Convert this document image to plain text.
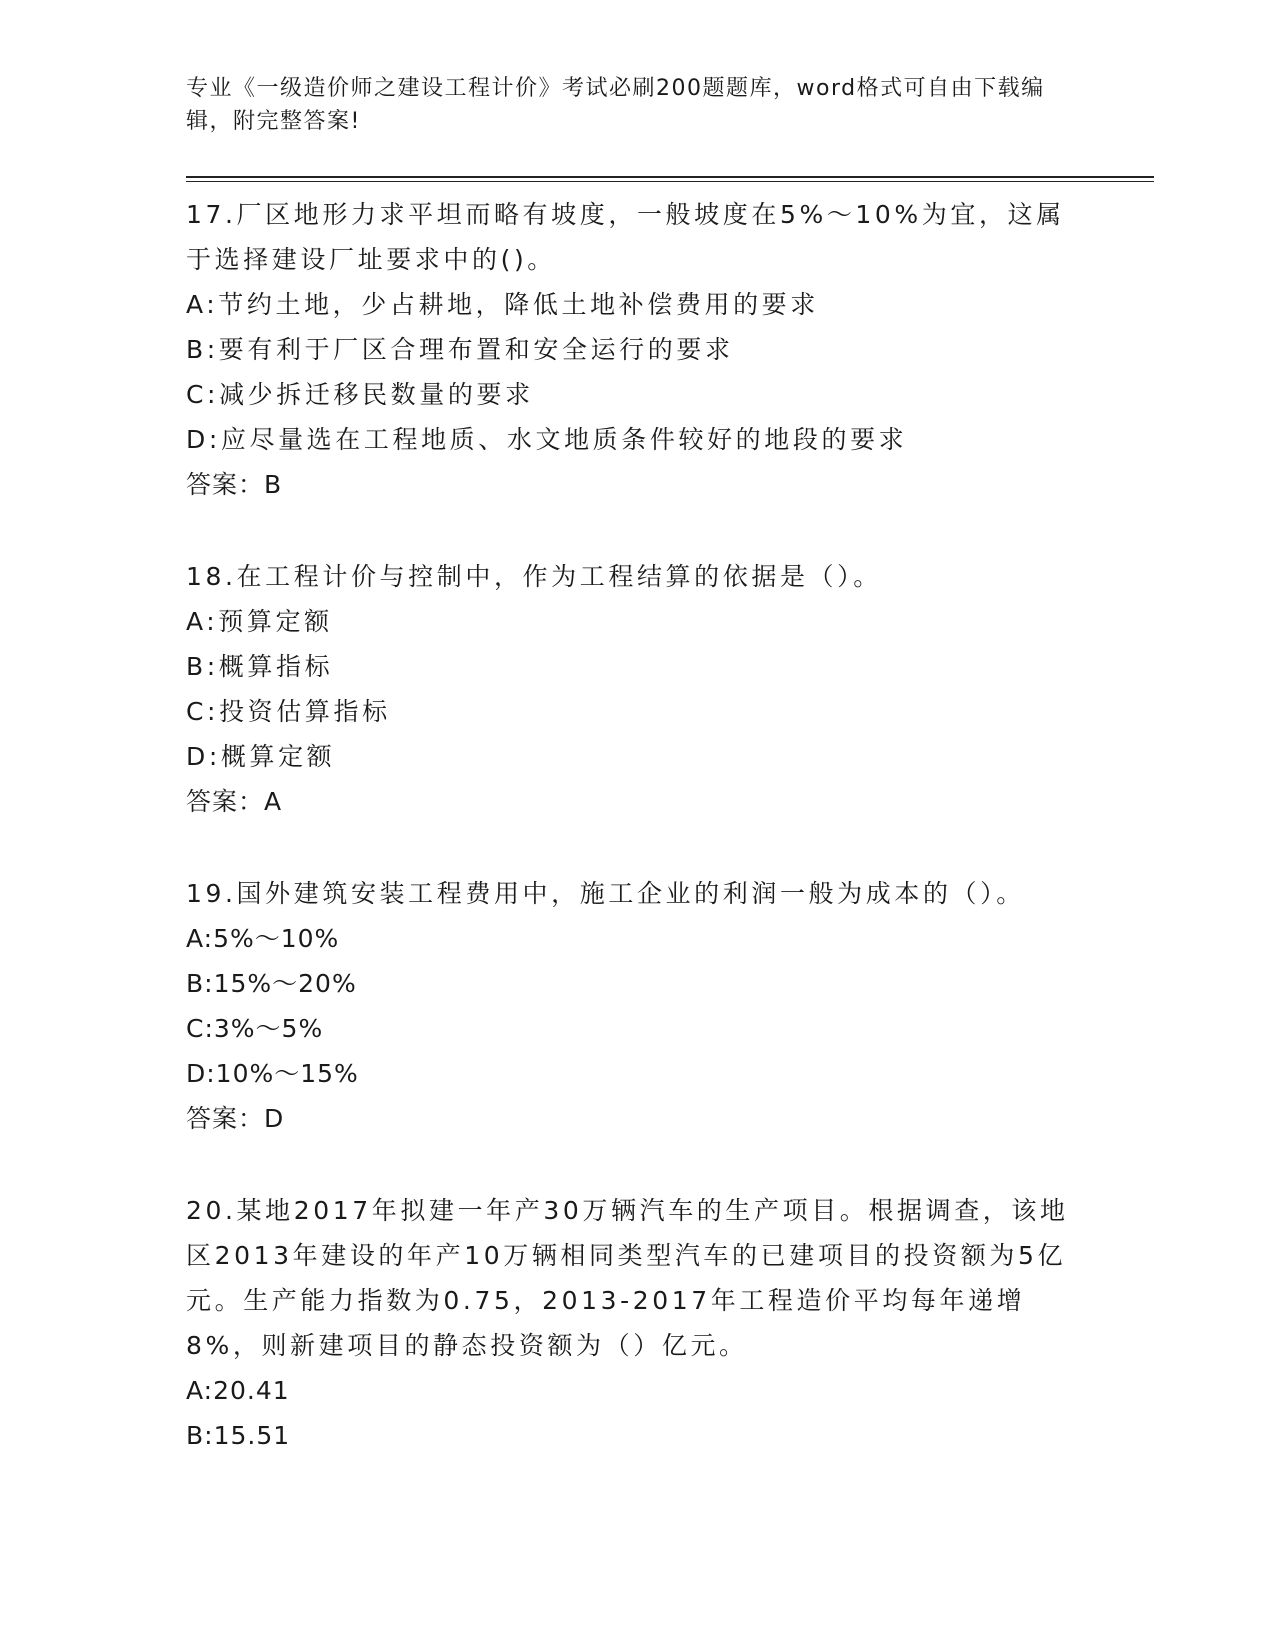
专业《一级造价师之建设工程计价》考试必刷200题题库，word格式可自由下载编辑，附完整答案!
17.厂区地形力求平坦而略有坡度，一般坡度在5%～10%为宜，这属于选择建设厂址要求中的()。
A:节约土地，少占耕地，降低土地补偿费用的要求
B:要有利于厂区合理布置和安全运行的要求
C:减少拆迁移民数量的要求
D:应尽量选在工程地质、水文地质条件较好的地段的要求
答案：B
18.在工程计价与控制中，作为工程结算的依据是（）。
A:预算定额
B:概算指标
C:投资估算指标
D:概算定额
答案：A
19.国外建筑安装工程费用中，施工企业的利润一般为成本的（）。
A:5%～10%
B:15%～20%
C:3%～5%
D:10%～15%
答案：D
20.某地2017年拟建一年产30万辆汽车的生产项目。根据调查，该地区2013年建设的年产10万辆相同类型汽车的已建项目的投资额为5亿元。生产能力指数为0.75，2013-2017年工程造价平均每年递增8%，则新建项目的静态投资额为（）亿元。
A:20.41
B:15.51
